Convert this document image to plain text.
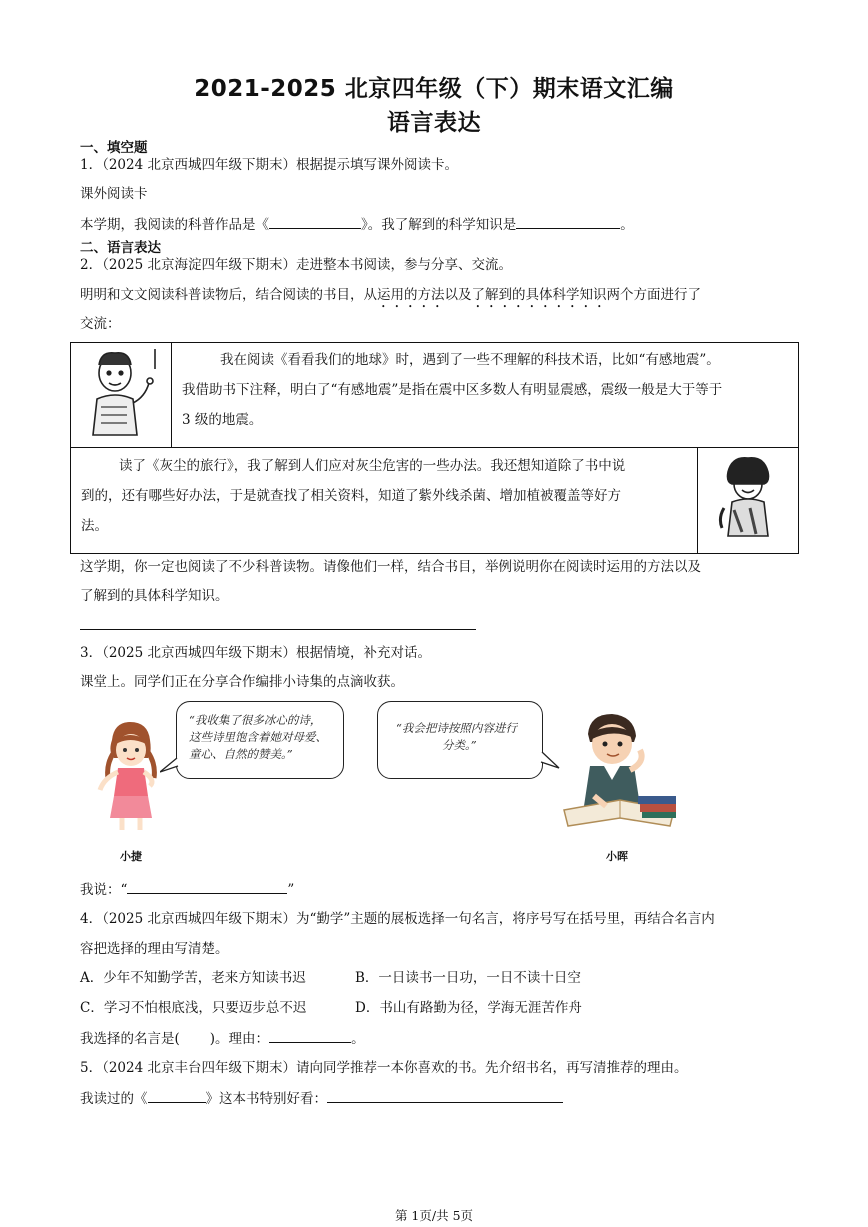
2021-2025 北京四年级（下）期末语文汇编
语言表达
一、填空题
1．（2024 北京西城四年级下期末）根据提示填写课外阅读卡。
课外阅读卡
本学期，我阅读的科普作品是《	》。我了解到的科学知识是	。
二、语言表达
2．（2025 北京海淀四年级下期末）走进整本书阅读，参与分享、交流。
明明和文文阅读科普读物后，结合阅读的书目，从运用的方法以及了解到的具体科学知识两个方面进行了
交流：
我在阅读《看看我们的地球》时，遇到了一些不理解的科技术语，比如“有感地震”。
我借助书下注释，明白了“有感地震”是指在震中区多数人有明显震感，震级一般是大于等于
3 级的地震。
读了《灰尘的旅行》，我了解到人们应对灰尘危害的一些办法。我还想知道除了书中说
到的，还有哪些好办法，于是就查找了相关资料，知道了紫外线杀菌、增加植被覆盖等好方
法。
这学期，你一定也阅读了不少科普读物。请像他们一样，结合书目，举例说明你在阅读时运用的方法以及
了解到的具体科学知识。
3．（2025 北京西城四年级下期末）根据情境，补充对话。
课堂上。同学们正在分享合作编排小诗集的点滴收获。
“我收集了很多冰心的诗，
这些诗里饱含着她对母爱、
童心、自然的赞美。”
“我会把诗按照内容进行
分类。”
小捷	小晖
我说：“	”
4．（2025 北京西城四年级下期末）为“勤学”主题的展板选择一句名言，将序号写在括号里，再结合名言内
容把选择的理由写清楚。
A．少年不知勤学苦，老来方知读书迟	B．一日读书一日功，一日不读十日空
C．学习不怕根底浅，只要迈步总不迟	D．书山有路勤为径，学海无涯苦作舟
我选择的名言是( )。理由：	。
5．（2024 北京丰台四年级下期末）请向同学推荐一本你喜欢的书。先介绍书名，再写清推荐的理由。
我读过的《	》这本书特别好看：
第 1页/共 5页
